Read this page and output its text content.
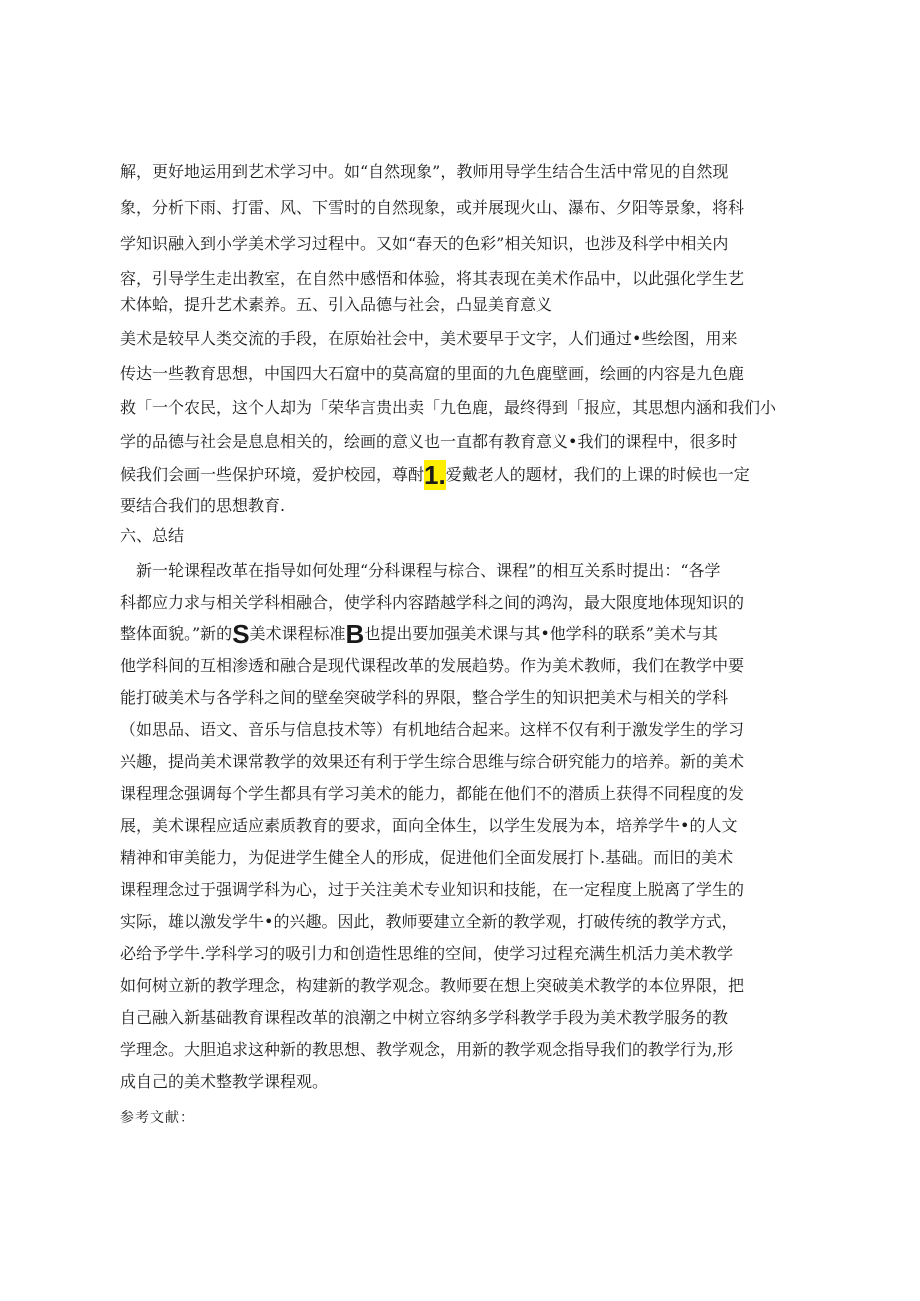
解，更好地运用到艺术学习中。如“自然现象”，教师用导学生结合生活中常见的自然现
象，分析下雨、打雷、风、下雪时的自然现象，或并展现火山、瀑布、夕阳等景象，将科
学知识融入到小学美术学习过程中。又如“春天的色彩”相关知识，也涉及科学中相关内
容，引导学生走出教室，在自然中感悟和体验，将其表现在美术作品中，以此强化学生艺
术体蛤，提升艺术素养。五、引入品德与社会，凸显美育意义
美术是较早人类交流的手段，在原始社会中，美术要早于文字，人们通过•些绘图，用来
传达一些教育思想，中国四大石窟中的莫高窟的里面的九色鹿壁画，绘画的内容是九色鹿
救「一个农民，这个人却为「荣华言贵出卖「九色鹿，最终得到「报应，其思想内涵和我们小
学的品德与社会是息息相关的，绘画的意义也一直都有教育意义•我们的课程中，很多时
候我们会画一些保护环境，爱护校园，尊酎1.爱戴老人的题材，我们的上课的时候也一定
要结合我们的思想教育.
六、总结
　新一轮课程改革在指导如何处理“分科课程与棕合、课程”的相互关系时提出：“各学
科都应力求与相关学科相融合，使学科内容踏越学科之间的鸿沟，最大限度地体现知识的
整体面貌。”新的S美术课程标准B也提出要加强美术课与其•他学科的联系”美术与其
他学科间的互相渗透和融合是现代课程改革的发展趋势。作为美术教师，我们在教学中要
能打破美术与各学科之间的壁垒突破学科的界限，整合学生的知识把美术与相关的学科
（如思品、语文、音乐与信息技术等）有机地结合起来。这样不仅有利于激发学生的学习
兴趣，提尚美术课常教学的效果还有利于学生综合思维与综合研究能力的培养。新的美术
课程理念强调每个学生都具有学习美术的能力，都能在他们不的潜质上获得不同程度的发
展，美术课程应适应素质教育的要求，面向全体生，以学生发展为本，培养学牛•的人文
精神和审美能力，为促进学生健全人的形成，促进他们全面发展打卜.基础。而旧的美术
课程理念过于强调学科为心，过于关注美术专业知识和技能，在一定程度上脱离了学生的
实际，雄以激发学牛•的兴趣。因此，教师要建立全新的教学观，打破传统的教学方式，
必给予学牛.学科学习的吸引力和创造性思维的空间，使学习过程充满生机活力美术教学
如何树立新的教学理念，构建新的教学观念。教师要在想上突破美术教学的本位界限，把
自己融入新基础教育课程改革的浪潮之中树立容纳多学科教学手段为美术教学服务的教
学理念。大胆追求这种新的教思想、教学观念，用新的教学观念指导我们的教学行为,形
成自己的美术整教学课程观。
参考文献：
